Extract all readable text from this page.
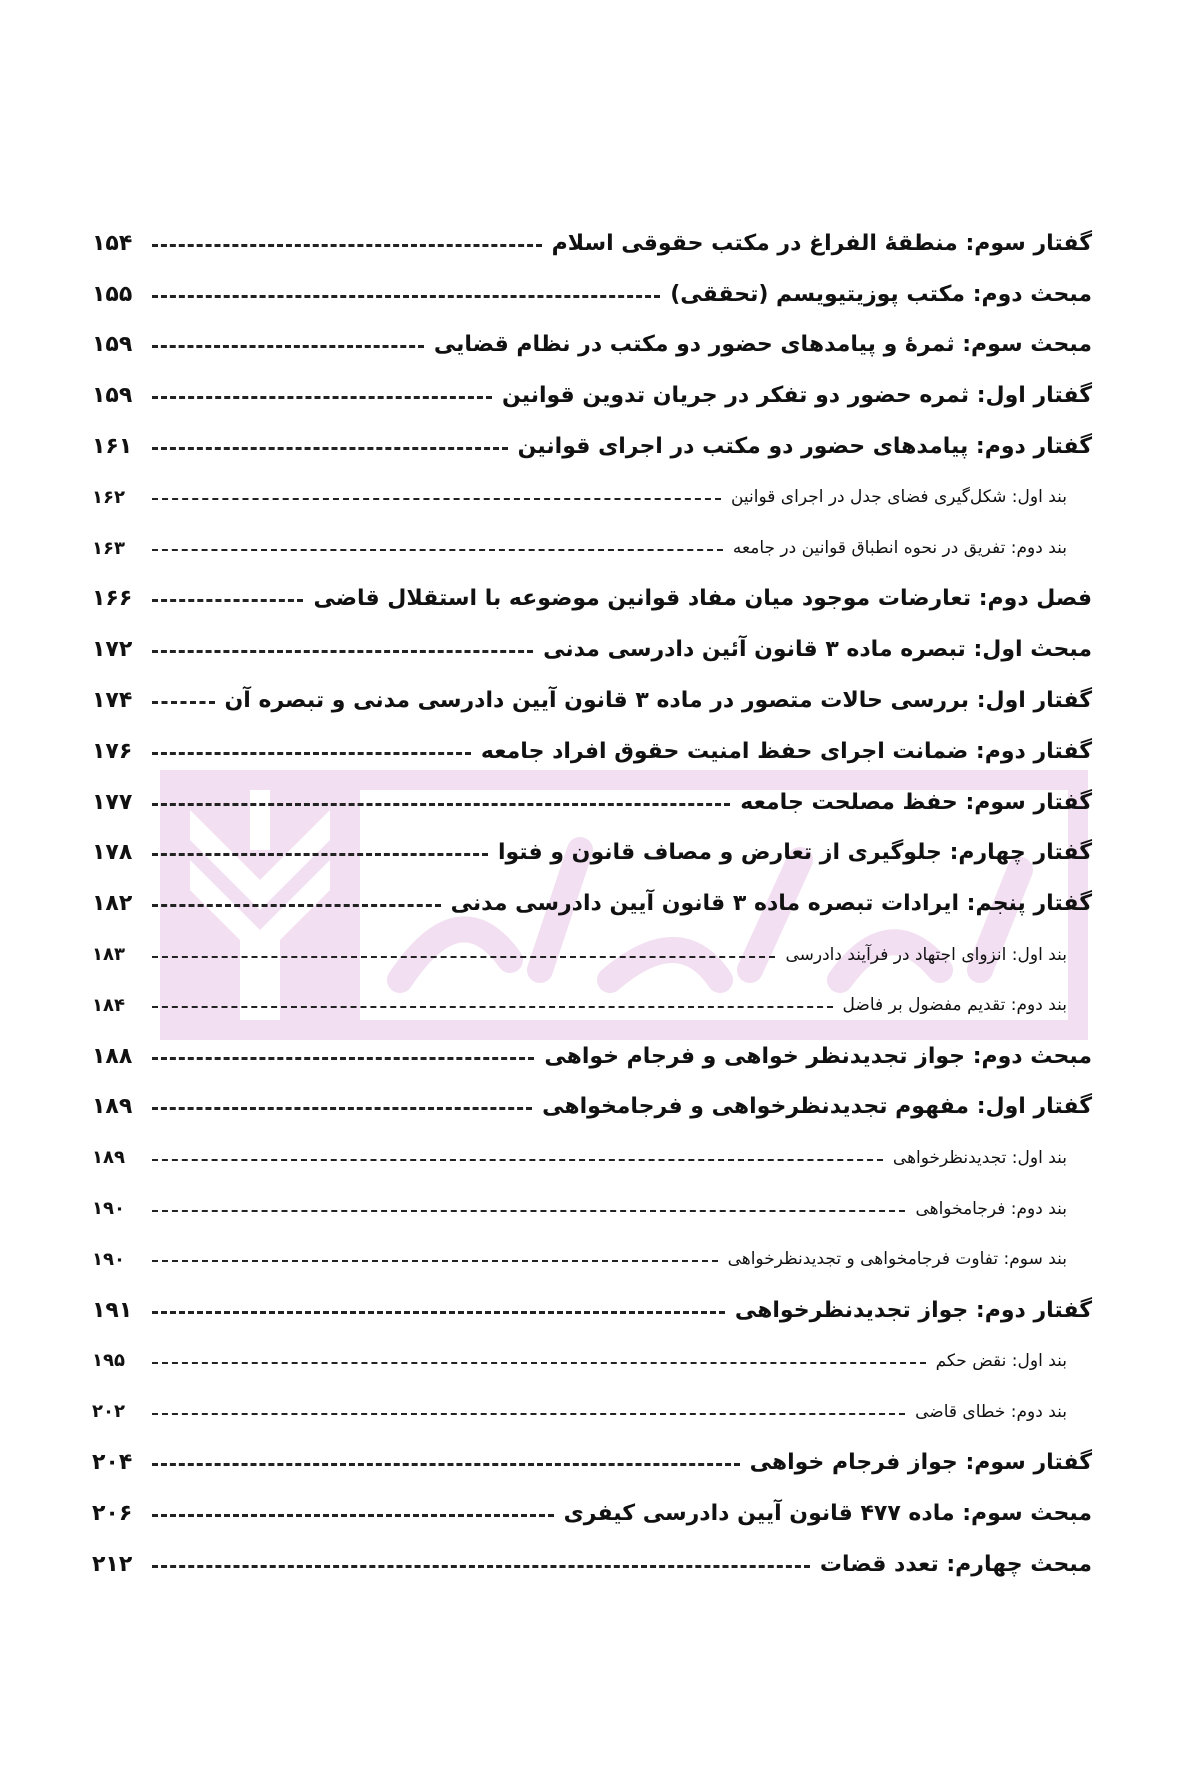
گفتار سوم: منطقهٔ الفراغ در مکتب حقوقی اسلام
۱۵۴
مبحث دوم: مکتب پوزیتیویسم (تحققی)
۱۵۵
مبحث سوم: ثمرهٔ و پیامدهای حضور دو مکتب در نظام قضایی
۱۵۹
گفتار اول: ثمره حضور دو تفکر در جریان تدوین قوانین
۱۵۹
گفتار دوم: پیامدهای حضور دو مکتب در اجرای قوانین
۱۶۱
بند اول: شکل‌گیری فضای جدل در اجرای قوانین
۱۶۲
بند دوم: تفریق در نحوه انطباق قوانین در جامعه
۱۶۳
فصل دوم: تعارضات موجود میان مفاد قوانین موضوعه با استقلال قاضی
۱۶۶
مبحث اول: تبصره ماده ۳ قانون آئین دادرسی مدنی
۱۷۲
گفتار اول: بررسی حالات متصور در ماده ۳ قانون آیین دادرسی مدنی و تبصره آن
۱۷۴
گفتار دوم: ضمانت اجرای حفظ امنیت حقوق افراد جامعه
۱۷۶
گفتار سوم: حفظ مصلحت جامعه
۱۷۷
گفتار چهارم: جلوگیری از تعارض و مصاف قانون و فتوا
۱۷۸
گفتار پنجم: ایرادات تبصره ماده ۳ قانون آیین دادرسی مدنی
۱۸۲
بند اول: انزوای اجتهاد در فرآیند دادرسی
۱۸۳
بند دوم: تقدیم مفضول بر فاضل
۱۸۴
مبحث دوم: جواز تجدیدنظر خواهی و فرجام خواهی
۱۸۸
گفتار اول: مفهوم تجدیدنظرخواهی و فرجامخواهی
۱۸۹
بند اول: تجدیدنظرخواهی
۱۸۹
بند دوم: فرجامخواهی
۱۹۰
بند سوم: تفاوت فرجامخواهی و تجدیدنظرخواهی
۱۹۰
گفتار دوم: جواز تجدیدنظرخواهی
۱۹۱
بند اول: نقض حکم
۱۹۵
بند دوم: خطای قاضی
۲۰۲
گفتار سوم: جواز فرجام خواهی
۲۰۴
مبحث سوم: ماده ۴۷۷ قانون آیین دادرسی کیفری
۲۰۶
مبحث چهارم: تعدد قضات
۲۱۲
